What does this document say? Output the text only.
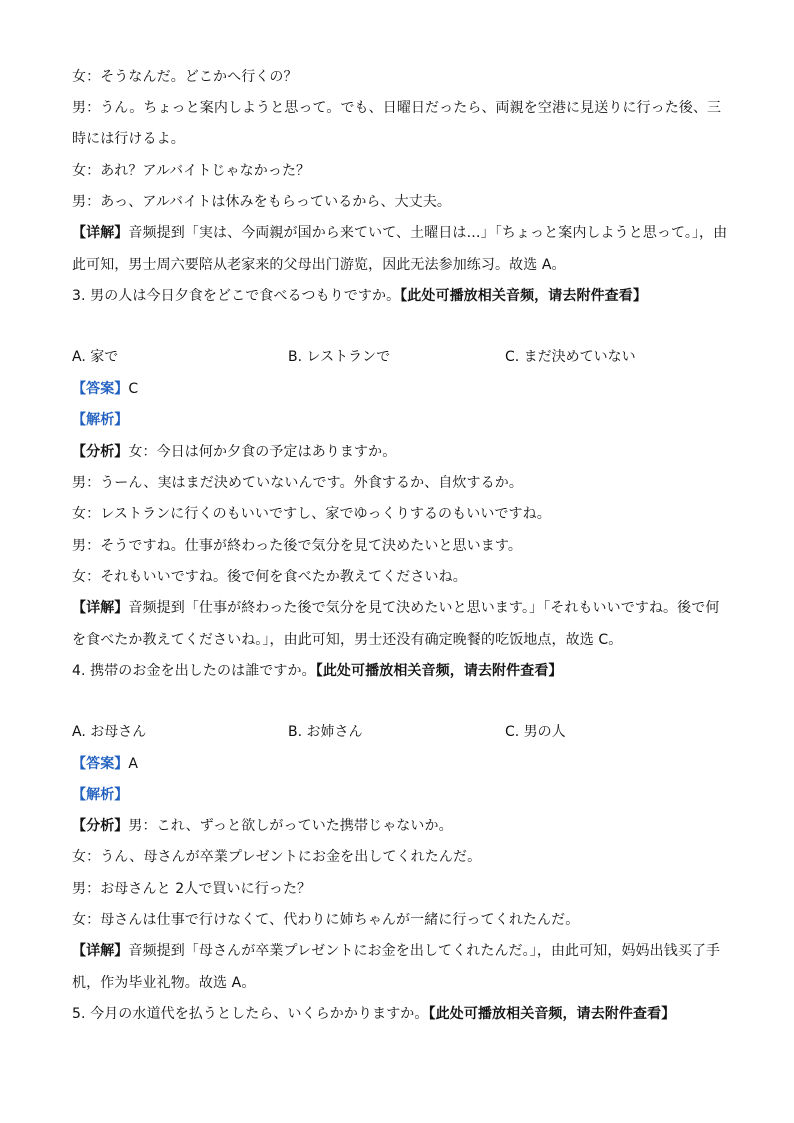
女：そうなんだ。どこかへ行くの？
男：うん。ちょっと案内しようと思って。でも、日曜日だったら、両親を空港に見送りに行った後、三
時には行けるよ。
女：あれ？アルバイトじゃなかった？
男：あっ、アルバイトは休みをもらっているから、大丈夫。
【详解】音频提到「実は、今両親が国から来ていて、土曜日は…」「ちょっと案内しようと思って。」，由
此可知，男士周六要陪从老家来的父母出门游览，因此无法参加练习。故选 A。
3. 男の人は今日夕食をどこで食べるつもりですか。【此处可播放相关音频，请去附件查看】
A. 家で	B. レストランで	C. まだ決めていない
【答案】C
【解析】
【分析】女：今日は何か夕食の予定はありますか。
男：うーん、実はまだ決めていないんです。外食するか、自炊するか。
女：レストランに行くのもいいですし、家でゆっくりするのもいいですね。
男：そうですね。仕事が終わった後で気分を見て決めたいと思います。
女：それもいいですね。後で何を食べたか教えてくださいね。
【详解】音频提到「仕事が終わった後で気分を見て決めたいと思います。」「それもいいですね。後で何
を食べたか教えてくださいね。」，由此可知，男士还没有确定晚餐的吃饭地点，故选 C。
4. 携帯のお金を出したのは誰ですか。【此处可播放相关音频，请去附件查看】
A. お母さん	B. お姉さん	C. 男の人
【答案】A
【解析】
【分析】男：これ、ずっと欲しがっていた携帯じゃないか。
女：うん、母さんが卒業プレゼントにお金を出してくれたんだ。
男：お母さんと 2人で買いに行った？
女：母さんは仕事で行けなくて、代わりに姉ちゃんが一緒に行ってくれたんだ。
【详解】音频提到「母さんが卒業プレゼントにお金を出してくれたんだ。」，由此可知，妈妈出钱买了手
机，作为毕业礼物。故选 A。
5. 今月の水道代を払うとしたら、いくらかかりますか。【此处可播放相关音频，请去附件查看】
